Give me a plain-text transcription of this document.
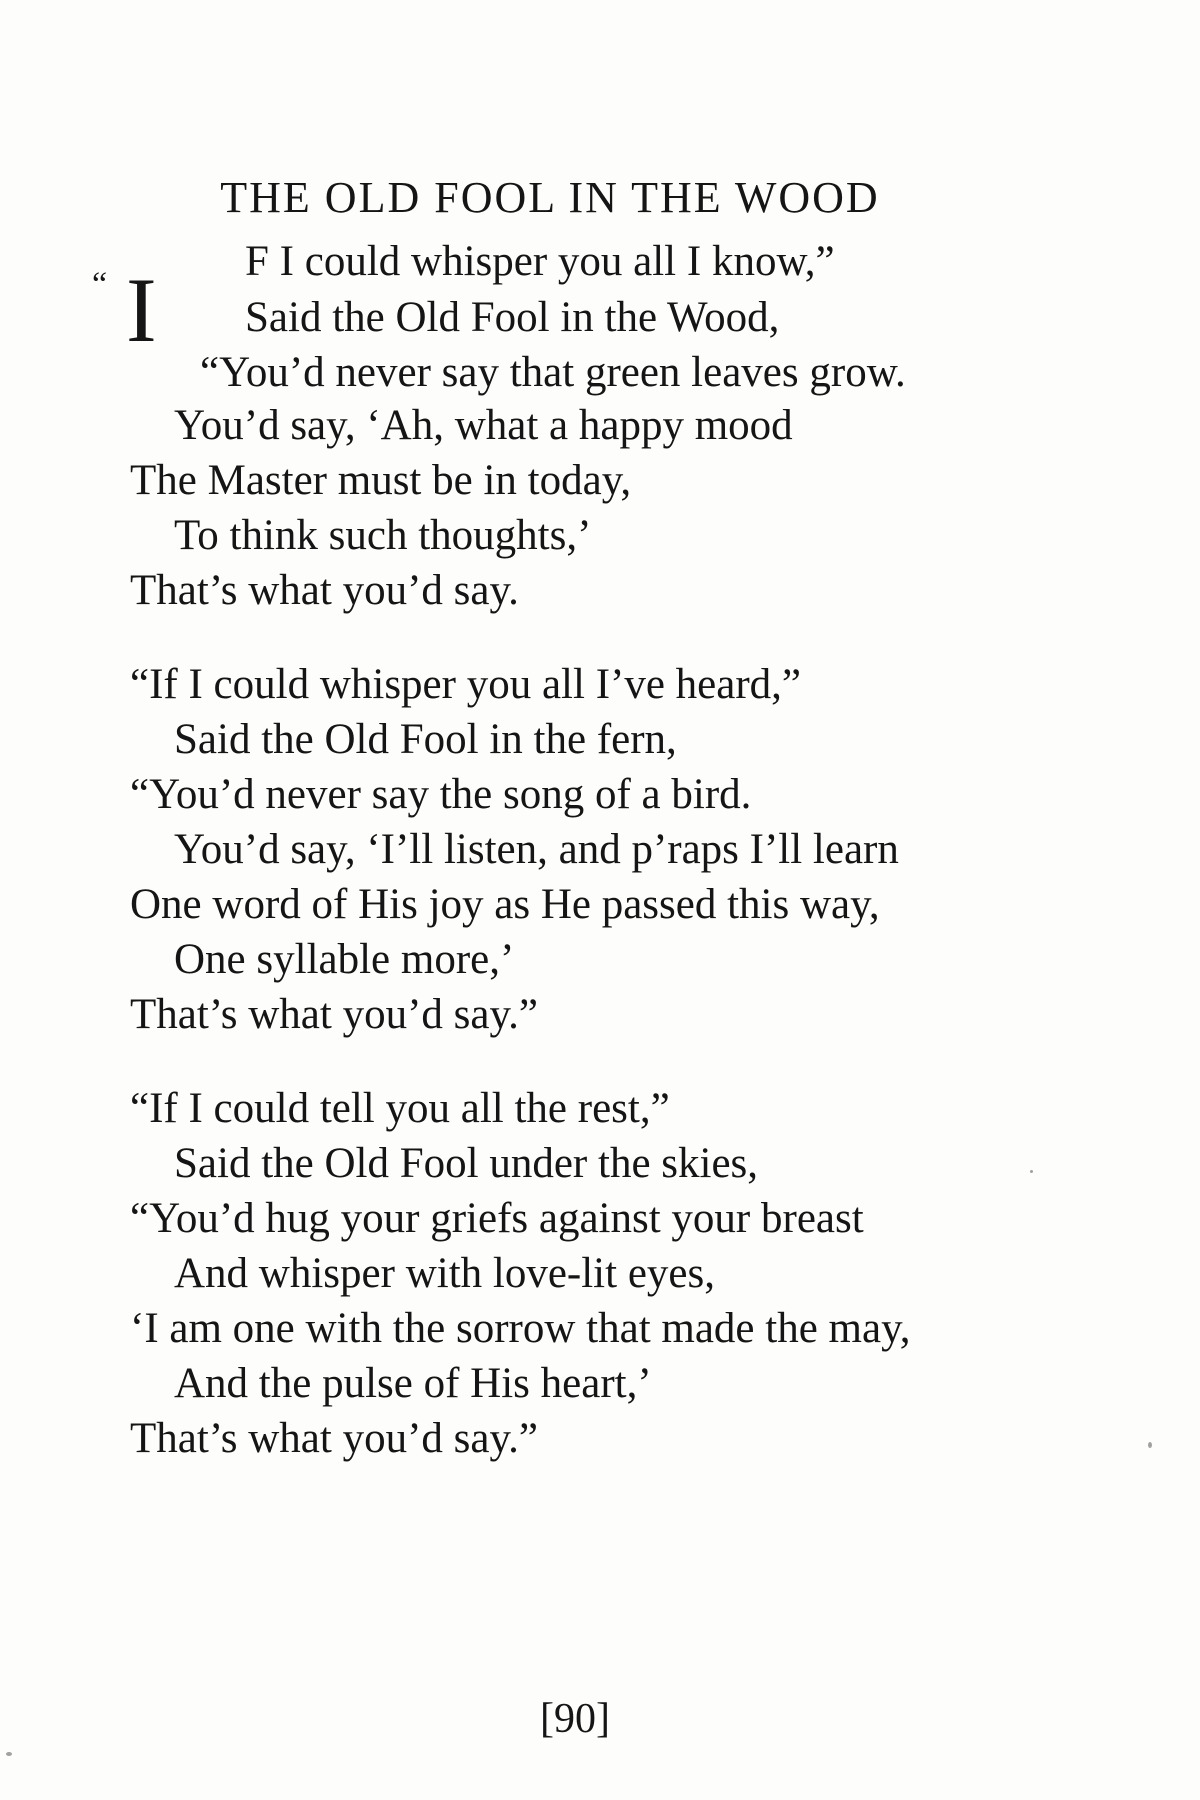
THE OLD FOOL IN THE WOOD
“ I F I could whisper you all I know,”

Said the Old Fool in the Wood,

“You’d never say that green leaves grow.

You’d say, ‘Ah, what a happy mood

The Master must be in today,

To think such thoughts,’

That’s what you’d say.

“If I could whisper you all I’ve heard,”

Said the Old Fool in the fern,

“You’d never say the song of a bird.

You’d say, ‘I’ll listen, and p’raps I’ll learn

One word of His joy as He passed this way,

One syllable more,’

That’s what you’d say.”

“If I could tell you all the rest,”

Said the Old Fool under the skies,

“You’d hug your griefs against your breast

And whisper with love-lit eyes,

‘I am one with the sorrow that made the may,

And the pulse of His heart,’

That’s what you’d say.”

[90]
